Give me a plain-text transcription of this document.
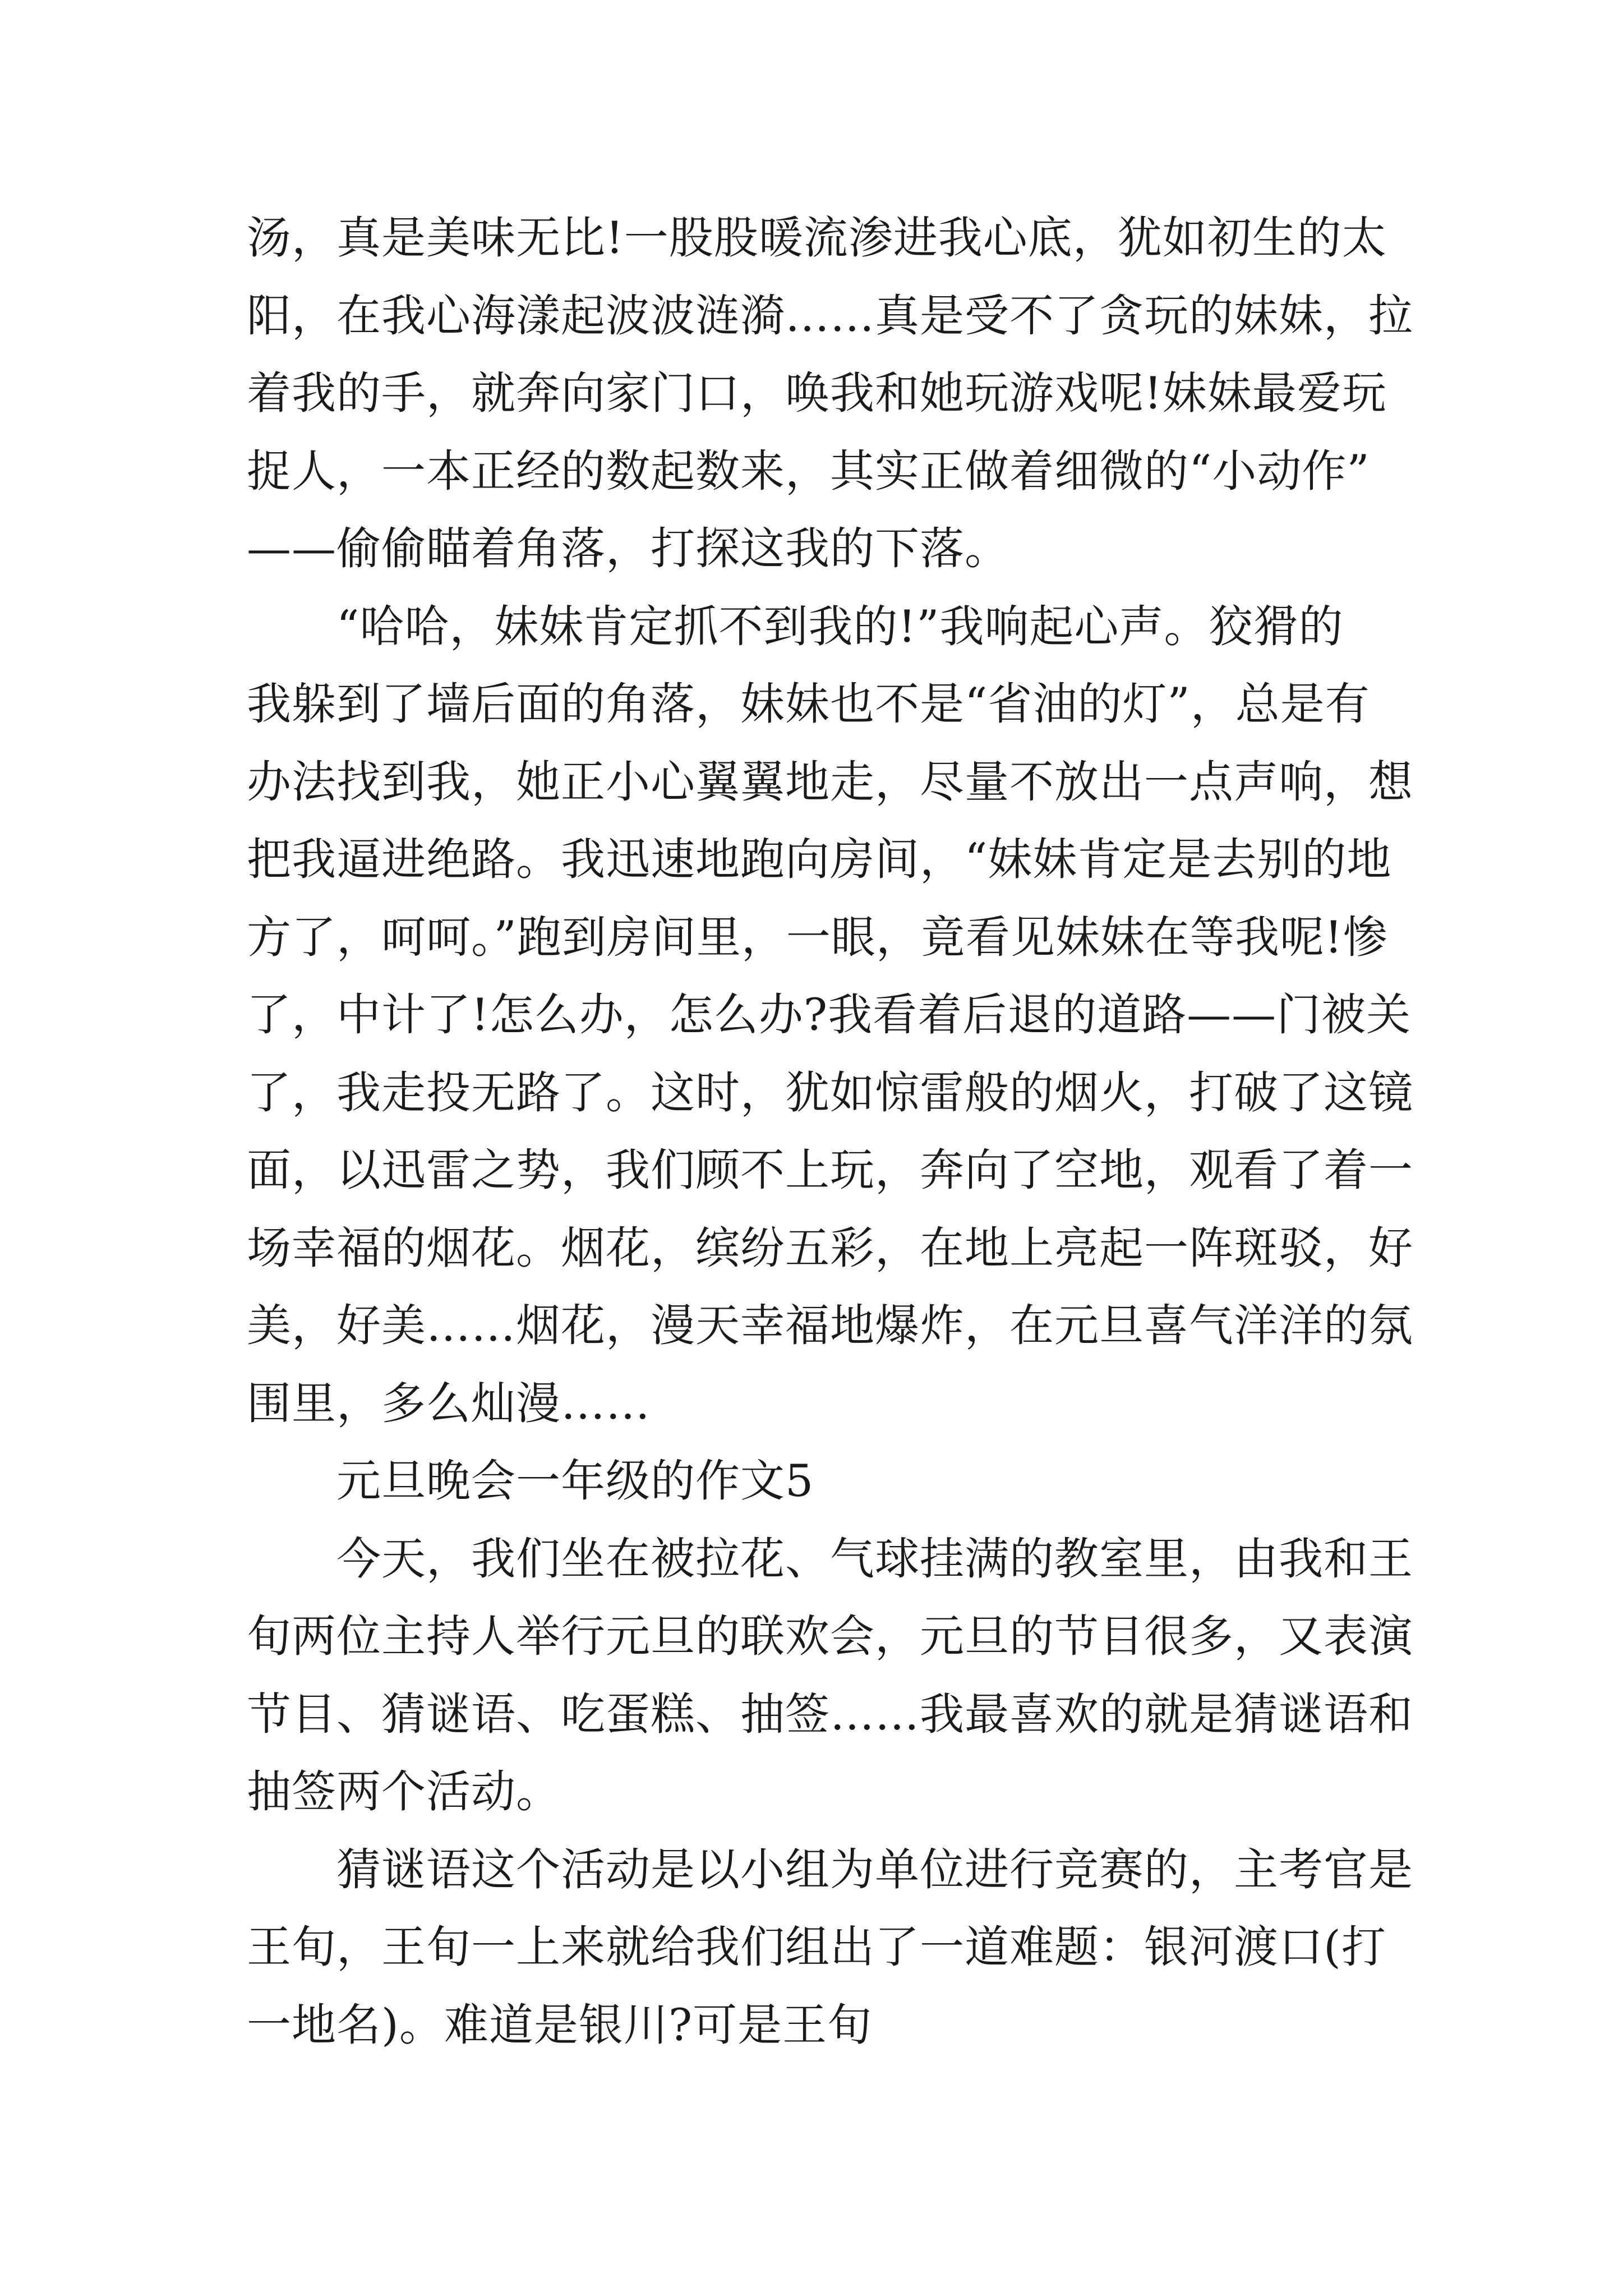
汤，真是美味无比!一股股暖流渗进我心底，犹如初生的太
阳，在我心海漾起波波涟漪……真是受不了贪玩的妹妹，拉
着我的手，就奔向家门口，唤我和她玩游戏呢!妹妹最爱玩
捉人，一本正经的数起数来，其实正做着细微的“小动作”
——偷偷瞄着角落，打探这我的下落。
“哈哈，妹妹肯定抓不到我的!”我响起心声。狡猾的
我躲到了墙后面的角落，妹妹也不是“省油的灯”，总是有
办法找到我，她正小心翼翼地走，尽量不放出一点声响，想
把我逼进绝路。我迅速地跑向房间，“妹妹肯定是去别的地
方了，呵呵。”跑到房间里，一眼，竟看见妹妹在等我呢!惨
了，中计了!怎么办，怎么办?我看着后退的道路——门被关
了，我走投无路了。这时，犹如惊雷般的烟火，打破了这镜
面，以迅雷之势，我们顾不上玩，奔向了空地，观看了着一
场幸福的烟花。烟花，缤纷五彩，在地上亮起一阵斑驳，好
美，好美……烟花，漫天幸福地爆炸，在元旦喜气洋洋的氛
围里，多么灿漫……
元旦晚会一年级的作文5
今天，我们坐在被拉花、气球挂满的教室里，由我和王
旬两位主持人举行元旦的联欢会，元旦的节目很多，又表演
节目、猜谜语、吃蛋糕、抽签……我最喜欢的就是猜谜语和
抽签两个活动。
猜谜语这个活动是以小组为单位进行竞赛的，主考官是
王旬，王旬一上来就给我们组出了一道难题：银河渡口(打
一地名)。难道是银川?可是王旬
